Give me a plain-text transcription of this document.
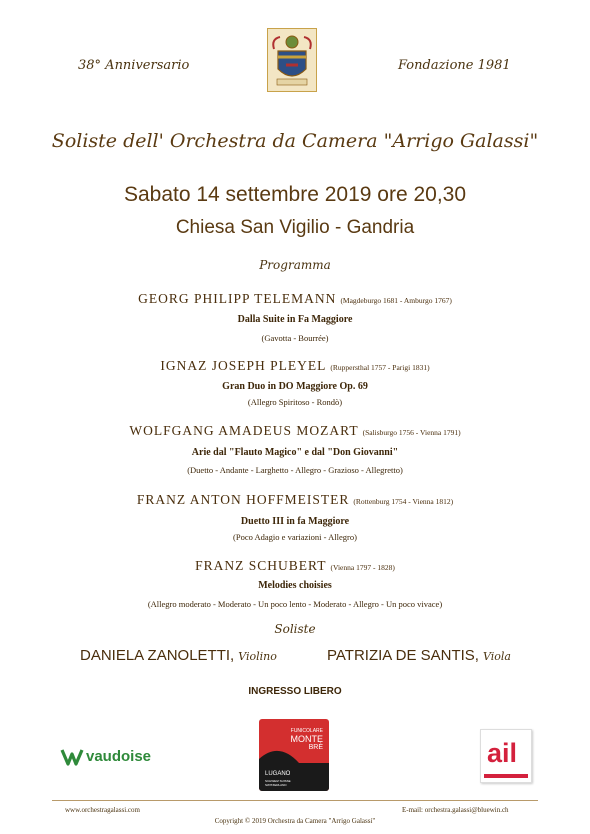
38° Anniversario	Fondazione 1981
Soliste dell' Orchestra da Camera "Arrigo Galassi"
Sabato 14 settembre 2019 ore 20,30
Chiesa San Vigilio - Gandria
Programma
GEORG PHILIPP TELEMANN (Magdeburgo 1681 - Amburgo 1767)
Dalla Suite in Fa Maggiore
(Gavotta - Bourrée)
IGNAZ JOSEPH PLEYEL (Ruppersthal 1757 - Parigi 1831)
Gran Duo in DO Maggiore Op. 69
(Allegro Spiritoso - Rondò)
WOLFGANG AMADEUS MOZART (Salisburgo 1756 - Vienna 1791)
Arie dal "Flauto Magico" e dal "Don Giovanni"
(Duetto - Andante - Larghetto - Allegro - Grazioso - Allegretto)
FRANZ ANTON HOFFMEISTER (Rottenburg 1754 - Vienna 1812)
Duetto III in fa Maggiore
(Poco Adagio e variazioni - Allegro)
FRANZ SCHUBERT (Vienna 1797 - 1828)
Melodies choisies
(Allegro moderato - Moderato - Un poco lento - Moderato - Allegro - Un poco vivace)
Soliste
DANIELA ZANOLETTI, Violino	PATRIZIA DE SANTIS, Viola
INGRESSO LIBERO
vaudoise
FUNICOLARE
MONTE
BRÈ
LUGANO
SCHWEIZ SUISSE SWITZERLAND
ail
www.orchestragalassi.com	E-mail: orchestra.galassi@bluewin.ch
Copyright © 2019 Orchestra da Camera "Arrigo Galassi"
